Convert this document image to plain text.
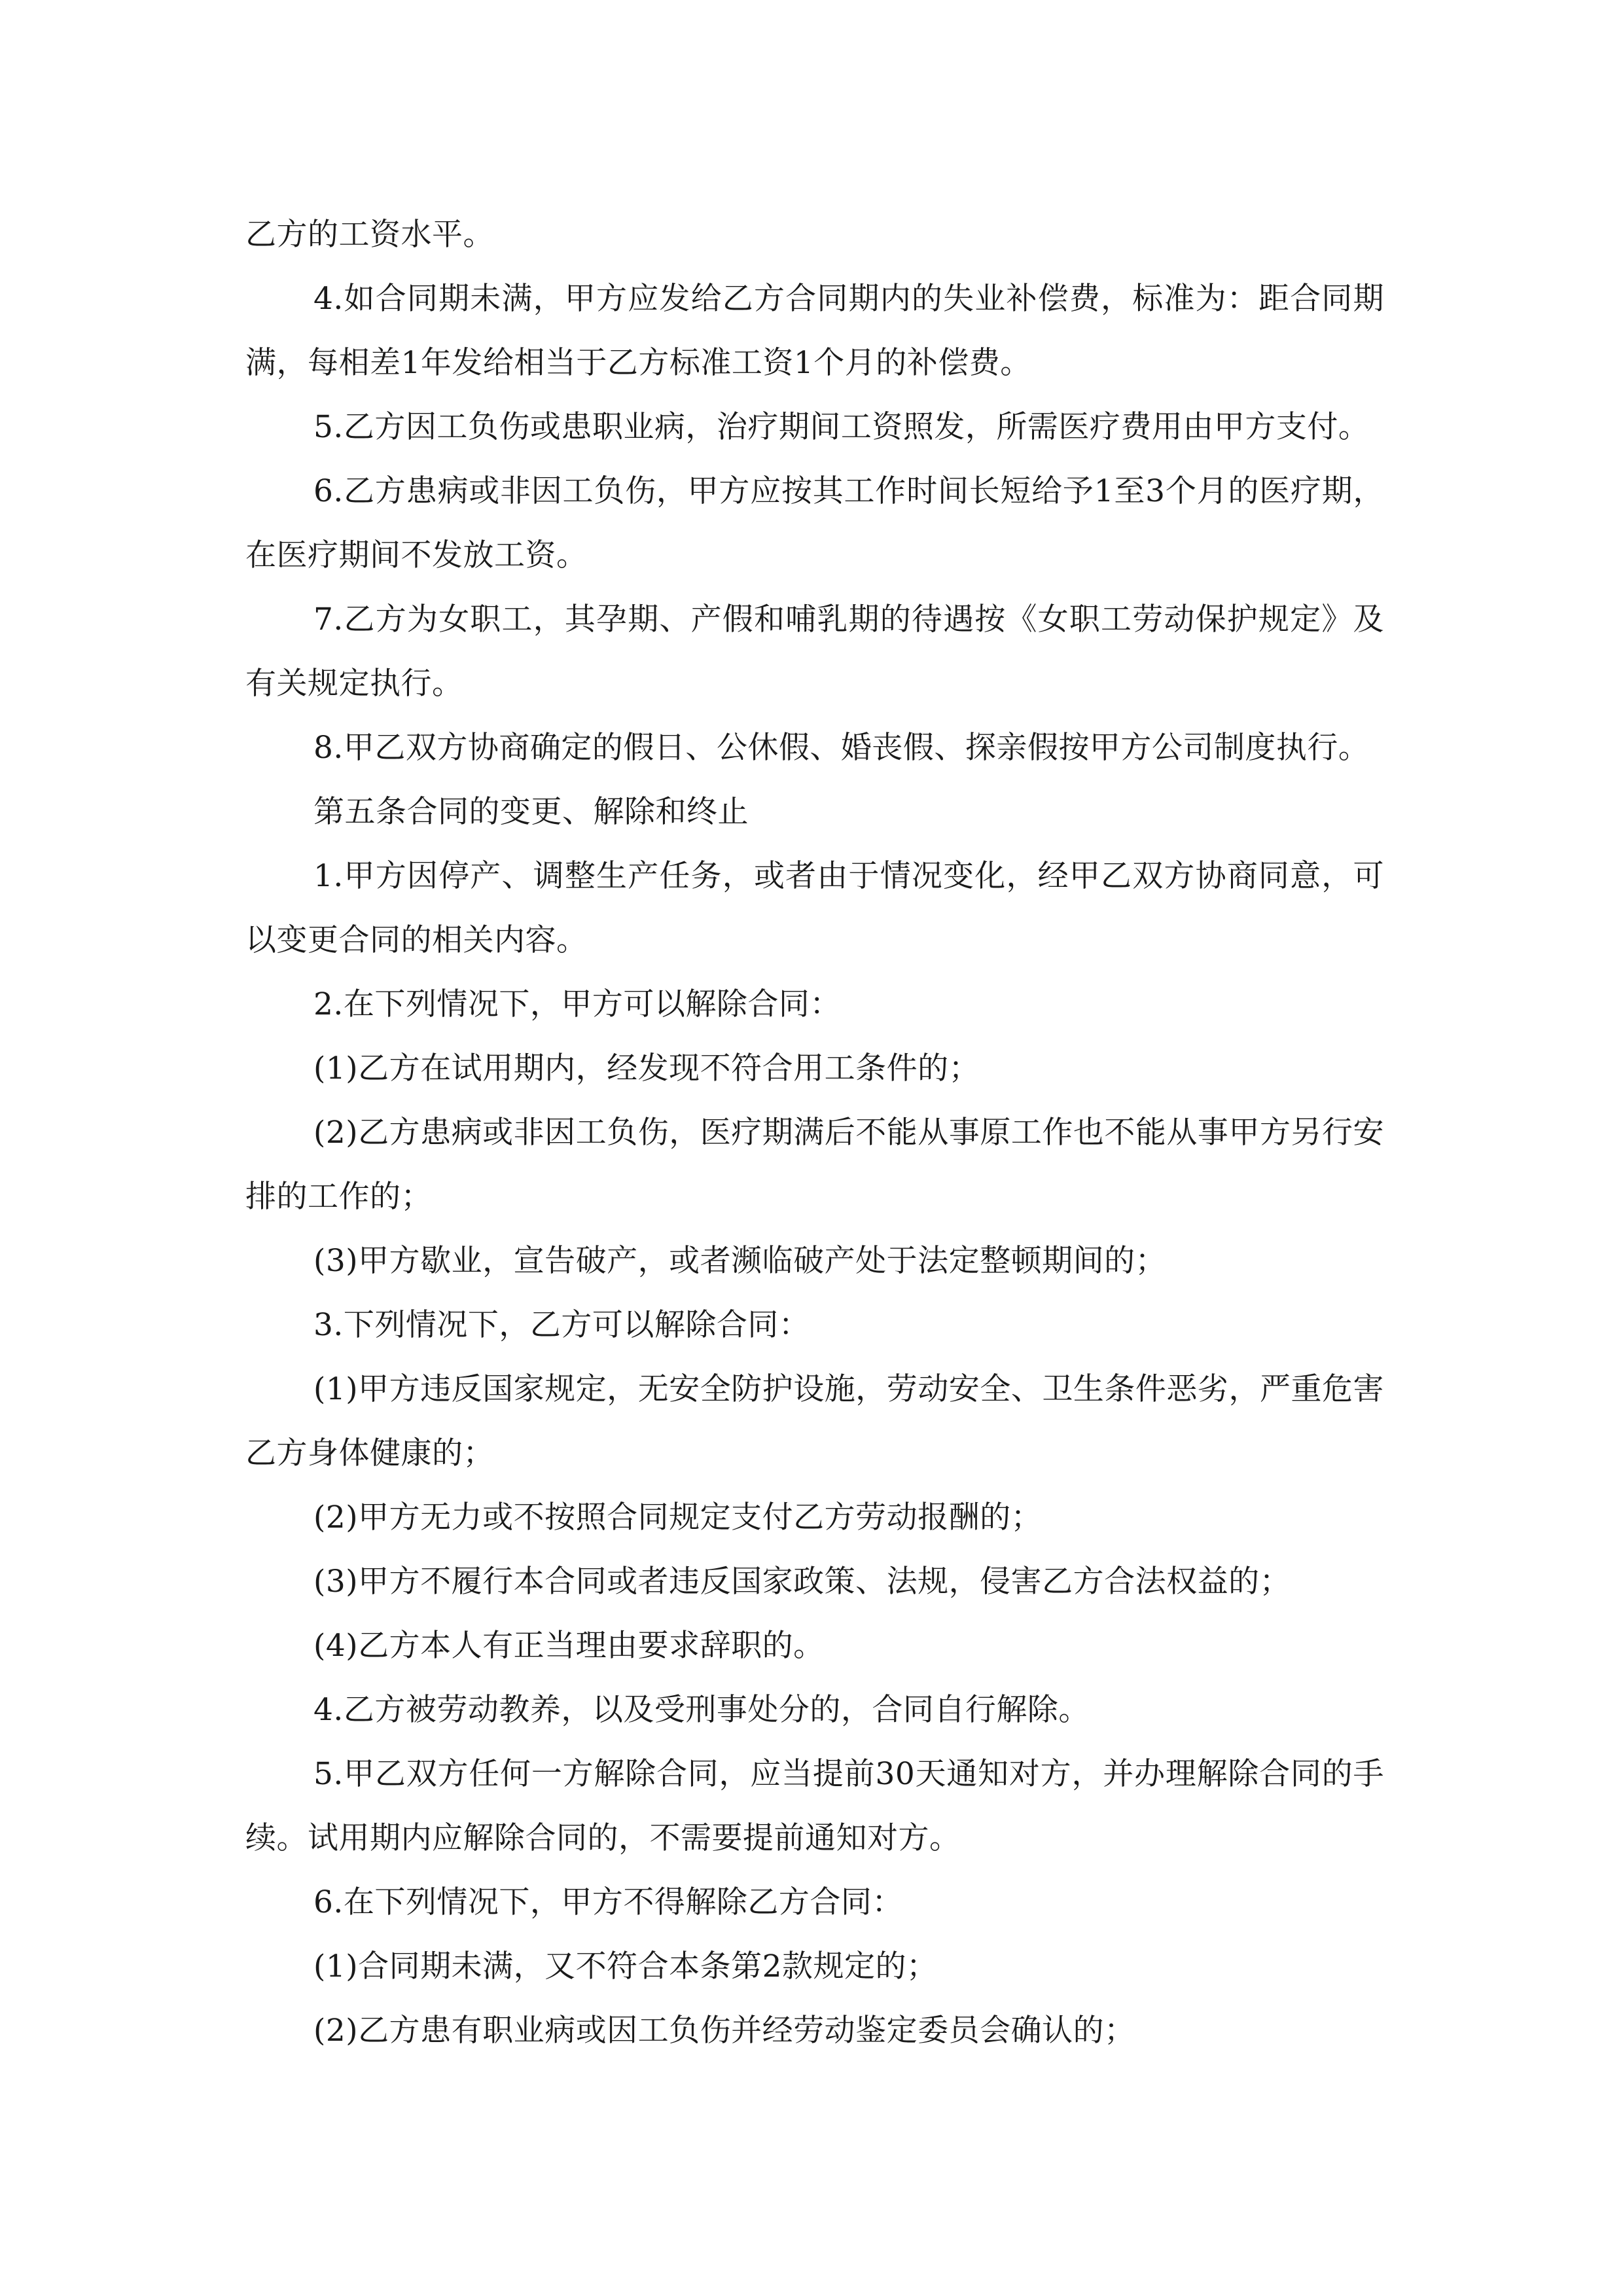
乙方的工资水平。

4.如合同期未满，甲方应发给乙方合同期内的失业补偿费，标准为：距合同期满，每相差1年发给相当于乙方标准工资1个月的补偿费。

5.乙方因工负伤或患职业病，治疗期间工资照发，所需医疗费用由甲方支付。

6.乙方患病或非因工负伤，甲方应按其工作时间长短给予1至3个月的医疗期，在医疗期间不发放工资。

7.乙方为女职工，其孕期、产假和哺乳期的待遇按《女职工劳动保护规定》及有关规定执行。

8.甲乙双方协商确定的假日、公休假、婚丧假、探亲假按甲方公司制度执行。

第五条合同的变更、解除和终止

1.甲方因停产、调整生产任务，或者由于情况变化，经甲乙双方协商同意，可以变更合同的相关内容。

2.在下列情况下，甲方可以解除合同：

(1)乙方在试用期内，经发现不符合用工条件的；

(2)乙方患病或非因工负伤，医疗期满后不能从事原工作也不能从事甲方另行安排的工作的；

(3)甲方歇业，宣告破产，或者濒临破产处于法定整顿期间的；

3.下列情况下，乙方可以解除合同：

(1)甲方违反国家规定，无安全防护设施，劳动安全、卫生条件恶劣，严重危害乙方身体健康的；

(2)甲方无力或不按照合同规定支付乙方劳动报酬的；

(3)甲方不履行本合同或者违反国家政策、法规，侵害乙方合法权益的；

(4)乙方本人有正当理由要求辞职的。

4.乙方被劳动教养，以及受刑事处分的，合同自行解除。

5.甲乙双方任何一方解除合同，应当提前30天通知对方，并办理解除合同的手续。试用期内应解除合同的，不需要提前通知对方。

6.在下列情况下，甲方不得解除乙方合同：

(1)合同期未满，又不符合本条第2款规定的；

(2)乙方患有职业病或因工负伤并经劳动鉴定委员会确认的；
